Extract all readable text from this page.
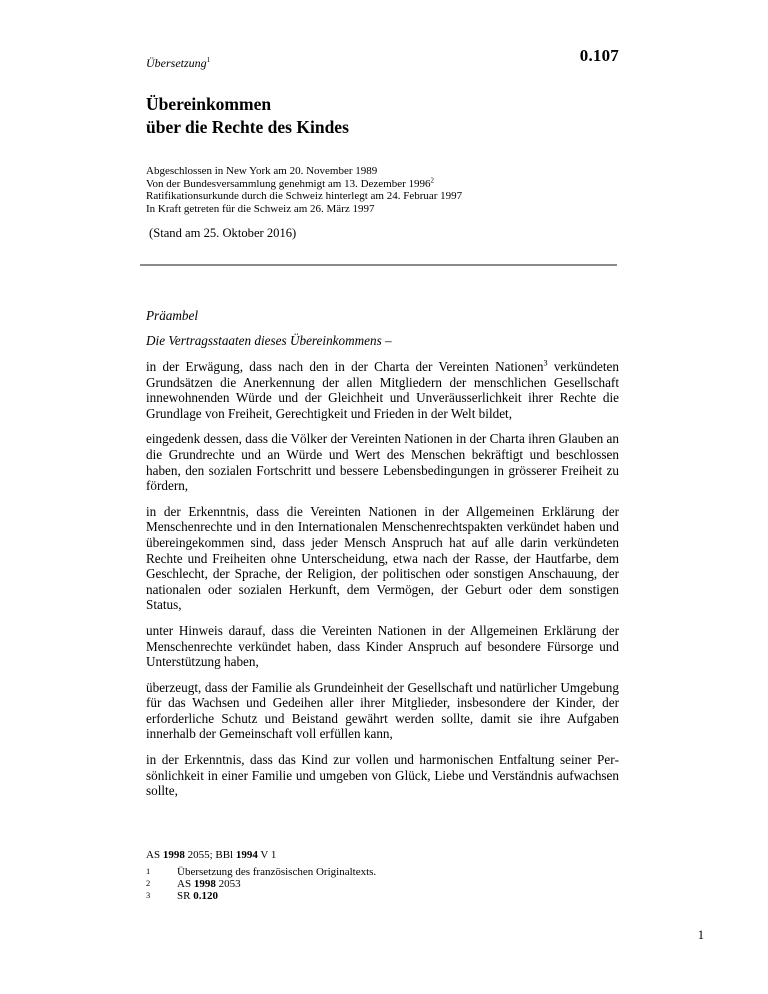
Übersetzung$^1$	0.107
Übereinkommen
über die Rechte des Kindes
Abgeschlossen in New York am 20. November 1989
Von der Bundesversammlung genehmigt am 13. Dezember 1996$^2$
Ratifikationsurkunde durch die Schweiz hinterlegt am 24. Februar 1997
In Kraft getreten für die Schweiz am 26. März 1997
(Stand am 25. Oktober 2016)
Präambel
Die Vertragsstaaten dieses Übereinkommens –

in der Erwägung, dass nach den in der Charta der Vereinten Nationen$^3$ verkündeten Grundsätzen die Anerkennung der allen Mitgliedern der menschlichen Gesellschaft innewohnenden Würde und der Gleichheit und Unveräusserlichkeit ihrer Rechte die Grundlage von Freiheit, Gerechtigkeit und Frieden in der Welt bildet,

eingedenk dessen, dass die Völker der Vereinten Nationen in der Charta ihren Glauben an die Grundrechte und an Würde und Wert des Menschen bekräftigt und beschlossen haben, den sozialen Fortschritt und bessere Lebensbedingungen in grösserer Freiheit zu fördern,

in der Erkenntnis, dass die Vereinten Nationen in der Allgemeinen Erklärung der Menschenrechte und in den Internationalen Menschenrechtspakten verkündet haben und übereingekommen sind, dass jeder Mensch Anspruch hat auf alle darin verkündeten Rechte und Freiheiten ohne Unterscheidung, etwa nach der Rasse, der Hautfarbe, dem Geschlecht, der Sprache, der Religion, der politischen oder sonstigen Anschauung, der nationalen oder sozialen Herkunft, dem Vermögen, der Geburt oder dem sonstigen Status,

unter Hinweis darauf, dass die Vereinten Nationen in der Allgemeinen Erklärung der Menschenrechte verkündet haben, dass Kinder Anspruch auf besondere Fürsorge und Unterstützung haben,

überzeugt, dass der Familie als Grundeinheit der Gesellschaft und natürlicher Umgebung für das Wachsen und Gedeihen aller ihrer Mitglieder, insbesondere der Kinder, der erforderliche Schutz und Beistand gewährt werden sollte, damit sie ihre Aufgaben innerhalb der Gemeinschaft voll erfüllen kann,

in der Erkenntnis, dass das Kind zur vollen und harmonischen Entfaltung seiner Persönlichkeit in einer Familie und umgeben von Glück, Liebe und Verständnis aufwachsen sollte,

AS 1998 2055; BBl 1994 V 1
1	Übersetzung des französischen Originaltexts.
2	AS 1998 2053
3	SR 0.120
1
